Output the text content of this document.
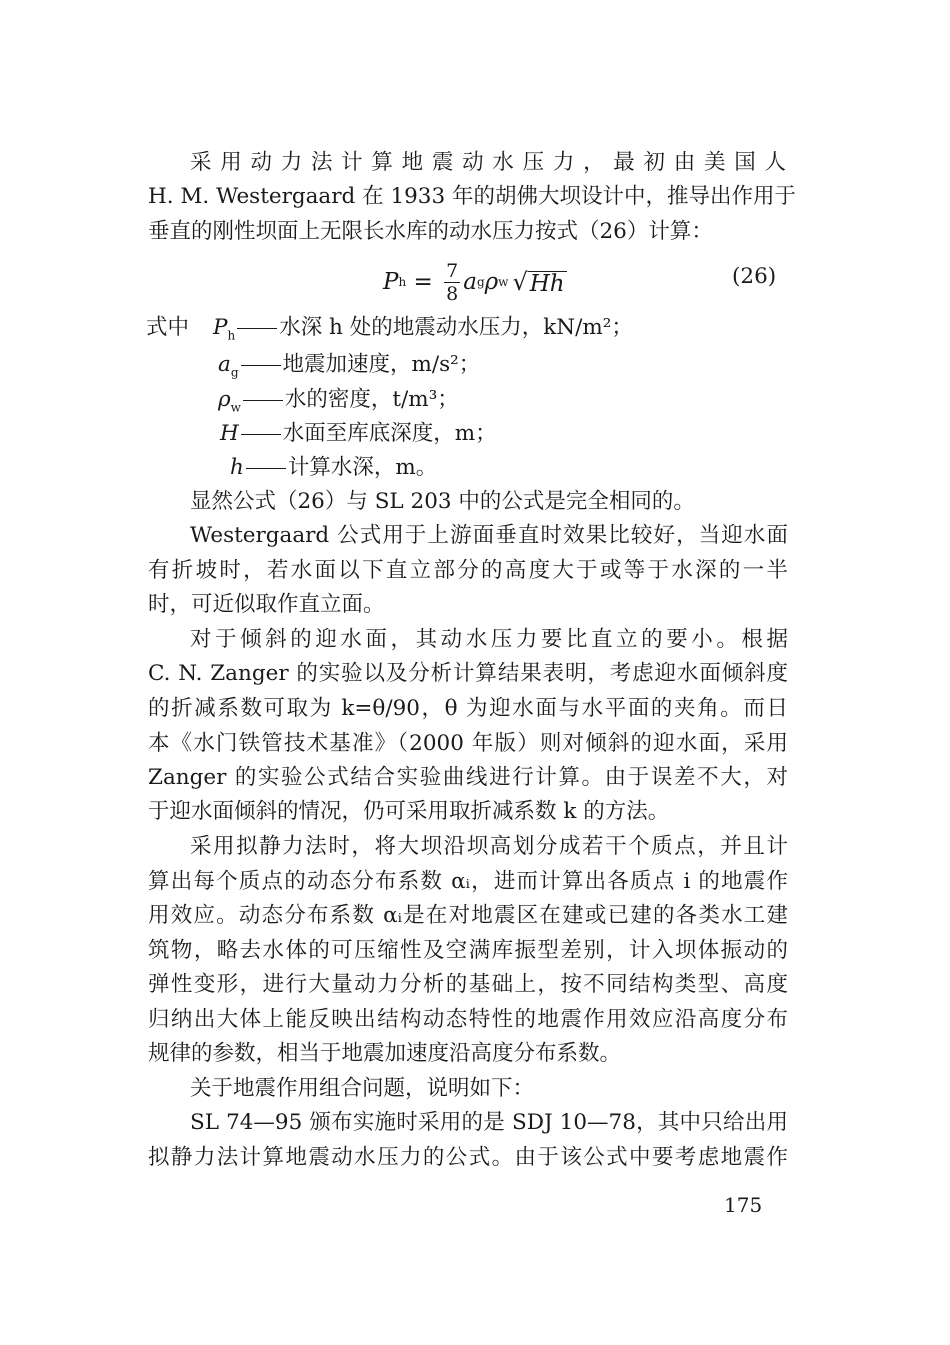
采用动力法计算地震动水压力，最初由美国人
H. M. Westergaard 在 1933 年的胡佛大坝设计中，推导出作用于
垂直的刚性坝面上无限长水库的动水压力按式（26）计算：
P $h = \frac{7}{8}$ a g ρ w √ Hh	(26)
式中 $P_h$ 水深 h 处的地震动水压力，kN/m²；
$a_g$ 地震加速度，m/s²；
$\rho_w$ 水的密度，t/m³；
H 水面至库底深度，m；
h 计算水深，m。
显然公式（26）与 SL 203 中的公式是完全相同的。
Westergaard 公式用于上游面垂直时效果比较好，当迎水面
有折坡时，若水面以下直立部分的高度大于或等于水深的一半
时，可近似取作直立面。
对于倾斜的迎水面，其动水压力要比直立的要小。根据
C. N. Zanger 的实验以及分析计算结果表明，考虑迎水面倾斜度
的折减系数可取为 k=θ/90，θ 为迎水面与水平面的夹角。而日
本《水门铁管技术基准》（2000 年版）则对倾斜的迎水面，采用
Zanger 的实验公式结合实验曲线进行计算。由于误差不大，对
于迎水面倾斜的情况，仍可采用取折减系数 k 的方法。
采用拟静力法时，将大坝沿坝高划分成若干个质点，并且计
算出每个质点的动态分布系数 αᵢ，进而计算出各质点 i 的地震作
用效应。动态分布系数 αᵢ是在对地震区在建或已建的各类水工建
筑物，略去水体的可压缩性及空满库振型差别，计入坝体振动的
弹性变形，进行大量动力分析的基础上，按不同结构类型、高度
归纳出大体上能反映出结构动态特性的地震作用效应沿高度分布
规律的参数，相当于地震加速度沿高度分布系数。
关于地震作用组合问题，说明如下：
SL 74—95 颁布实施时采用的是 SDJ 10—78，其中只给出用
拟静力法计算地震动水压力的公式。由于该公式中要考虑地震作
175
